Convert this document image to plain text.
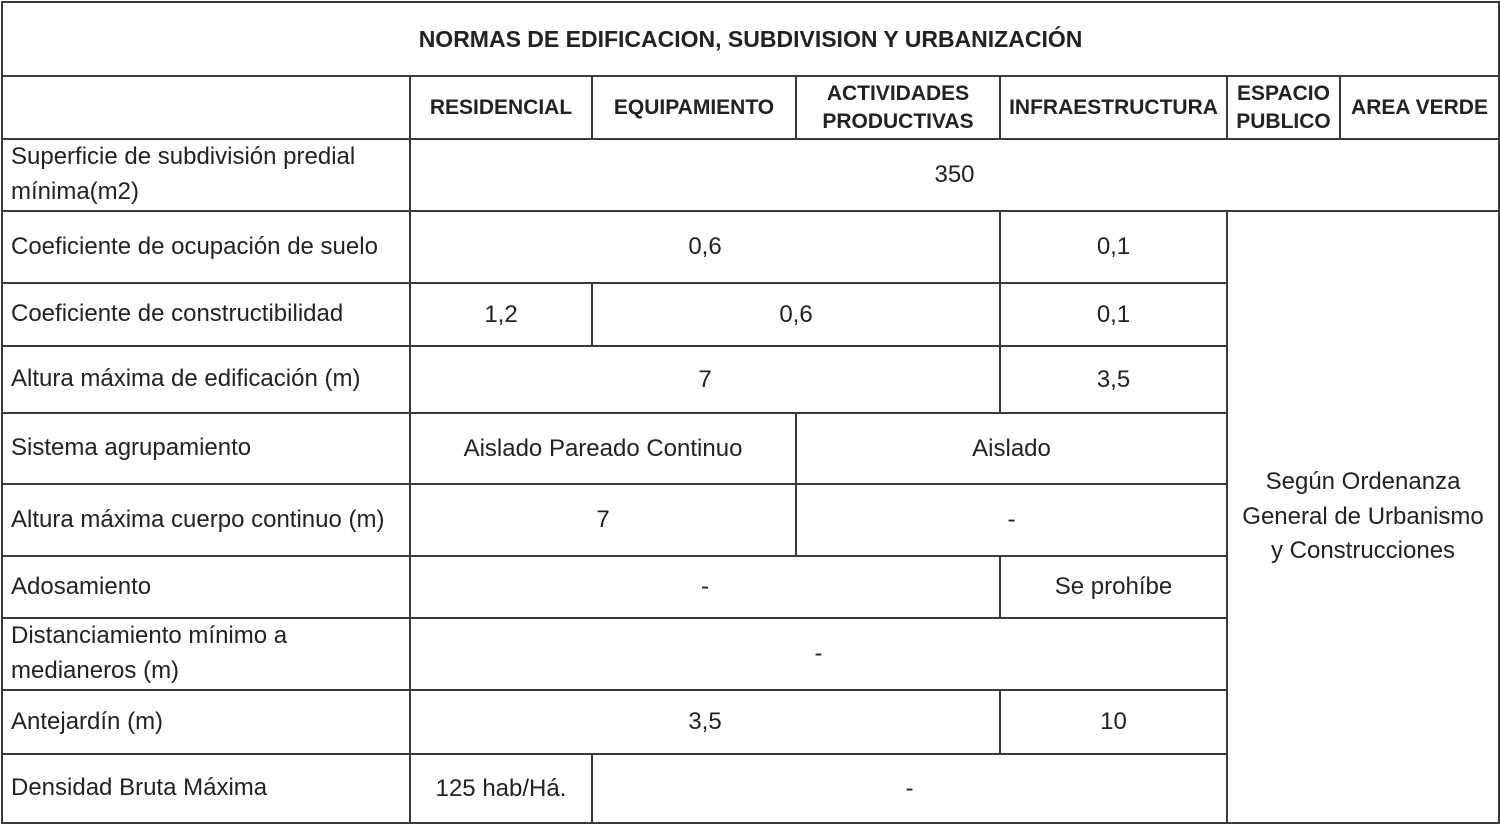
NORMAS DE EDIFICACION, SUBDIVISION Y URBANIZACIÓN						
	RESIDENCIAL	EQUIPAMIENTO	ACTIVIDADES PRODUCTIVAS	INFRAESTRUCTURA	ESPACIO PUBLICO	AREA VERDE
Superficie de subdivisión predial mínima(m2)	350					
Coeficiente de ocupación de suelo	0,6			0,1	Según Ordenanza General de Urbanismo y Construcciones	
Coeficiente de constructibilidad	1,2	0,6		0,1		
Altura máxima de edificación (m)	7			3,5		
Sistema agrupamiento	Aislado Pareado Continuo		Aislado			
Altura máxima cuerpo continuo (m)	7		-			
Adosamiento	-			Se prohíbe		
Distanciamiento mínimo a medianeros (m)	-					
Antejardín (m)	3,5			10		
Densidad Bruta Máxima	125 hab/Há.	-				
